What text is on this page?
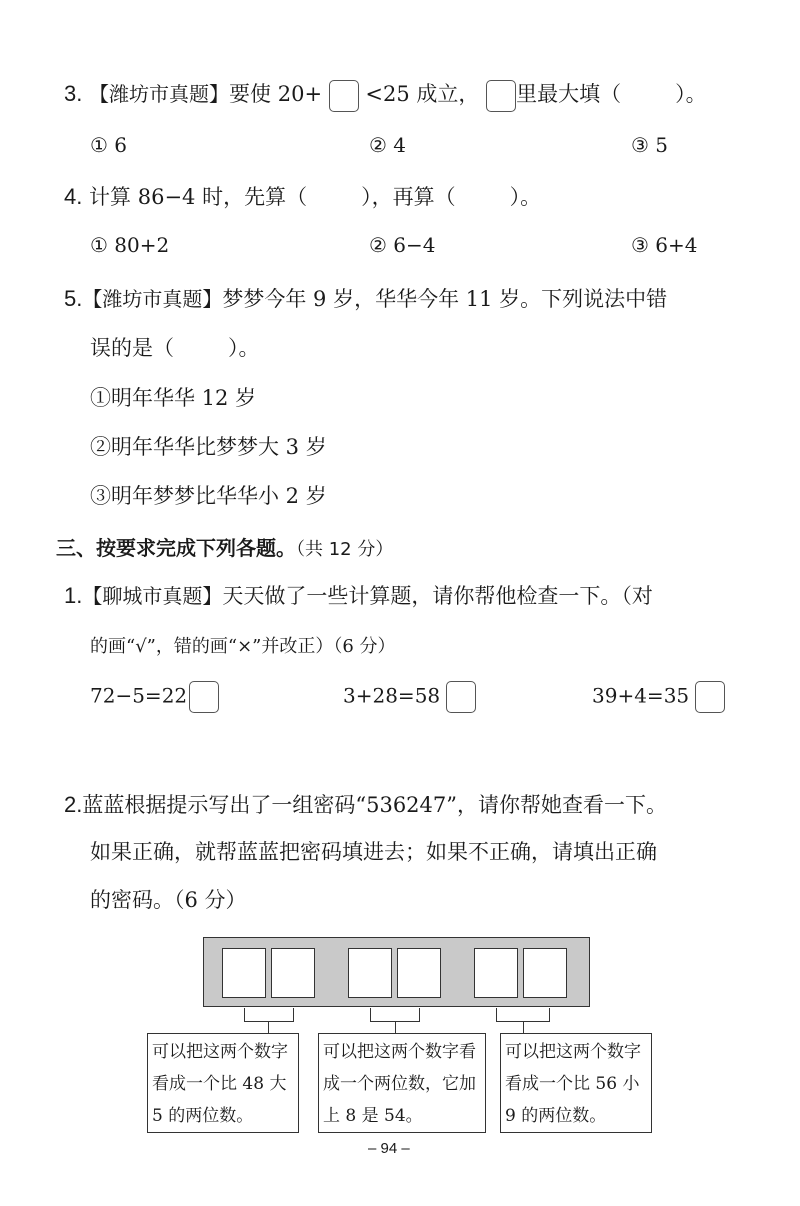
3. 【潍坊市真题】要使 20+ <25 成立， 里最大填（	）。
① 6	② 4	③ 5
4. 计算 86−4 时，先算（	），再算（	）。
① 80+2	② 6−4	③ 6+4
5.【潍坊市真题】梦梦今年 9 岁，华华今年 11 岁。下列说法中错
误的是（	）。
①明年华华 12 岁
②明年华华比梦梦大 3 岁
③明年梦梦比华华小 2 岁
三、按要求完成下列各题。（共 12 分）
1.【聊城市真题】天天做了一些计算题，请你帮他检查一下。（对
的画“√”，错的画“×”并改正）（6 分）
72−5=22	3+28=58	39+4=35
2.蓝蓝根据提示写出了一组密码“536247”，请你帮她查看一下。
如果正确，就帮蓝蓝把密码填进去；如果不正确，请填出正确
的密码。（6 分）
可以把这两个数字看成一个比 48 大 5 的两位数。
可以把这两个数字看成一个两位数，它加上 8 是 54。
可以把这两个数字看成一个比 56 小 9 的两位数。
– 94 –
